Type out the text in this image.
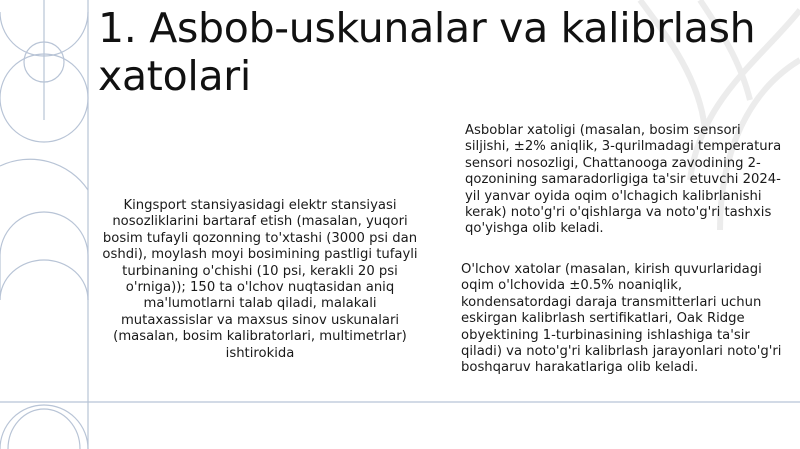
1. Asbob-uskunalar va kalibrlash xatolari
Kingsport stansiyasidagi elektr stansiyasi nosozliklarini bartaraf etish (masalan, yuqori bosim tufayli qozonning to'xtashi (3000 psi dan oshdi), moylash moyi bosimining pastligi tufayli turbinaning o'chishi (10 psi, kerakli 20 psi o'rniga)); 150 ta o'lchov nuqtasidan aniq ma'lumotlarni talab qiladi, malakali mutaxassislar va maxsus sinov uskunalari (masalan, bosim kalibratorlari, multimetrlar) ishtirokida
Asboblar xatoligi (masalan, bosim sensori siljishi, ±2% aniqlik, 3-qurilmadagi temperatura sensori nosozligi, Chattanooga zavodining 2-qozonining samaradorligiga ta'sir etuvchi 2024-yil yanvar oyida oqim o'lchagich kalibrlanishi kerak) noto'g'ri o'qishlarga va noto'g'ri tashxis qo'yishga olib keladi.
O'lchov xatolar (masalan, kirish quvurlaridagi oqim o'lchovida ±0.5% noaniqlik, kondensatordagi daraja transmitterlari uchun eskirgan kalibrlash sertifikatlari, Oak Ridge obyektining 1-turbinasining ishlashiga ta'sir qiladi) va noto'g'ri kalibrlash jarayonlari noto'g'ri boshqaruv harakatlariga olib keladi.
